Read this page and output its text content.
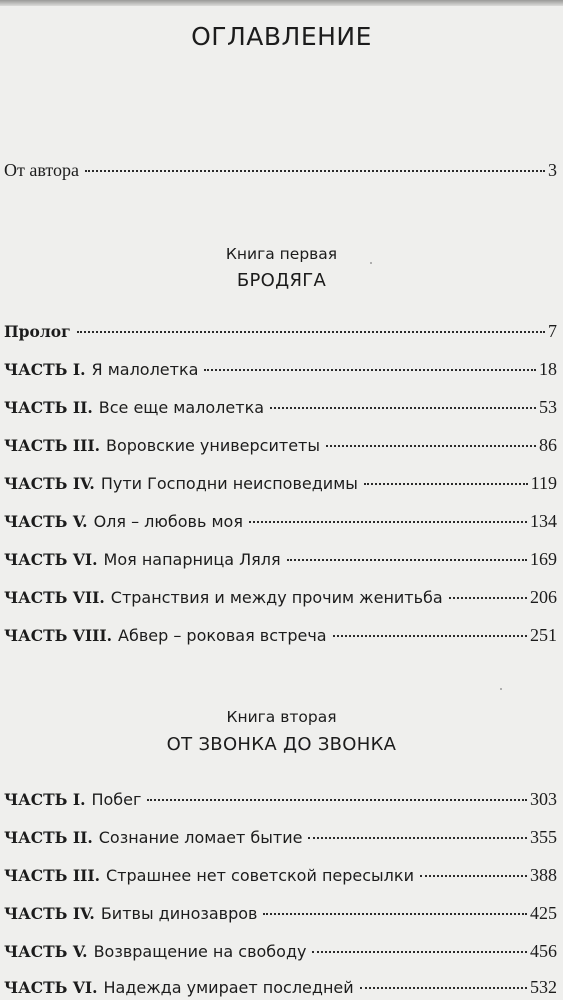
ОГЛАВЛЕНИЕ
От автора	3
Книга первая
БРОДЯГА
Пролог	7
ЧАСТЬ I. Я малолетка	18
ЧАСТЬ II. Все еще малолетка	53
ЧАСТЬ III. Воровские университеты	86
ЧАСТЬ IV. Пути Господни неисповедимы	119
ЧАСТЬ V. Оля – любовь моя	134
ЧАСТЬ VI. Моя напарница Ляля	169
ЧАСТЬ VII. Странствия и между прочим женитьба	206
ЧАСТЬ VIII. Абвер – роковая встреча	251
Книга вторая
ОТ ЗВОНКА ДО ЗВОНКА
ЧАСТЬ I. Побег	303
ЧАСТЬ II. Сознание ломает бытие	355
ЧАСТЬ III. Страшнее нет советской пересылки	388
ЧАСТЬ IV. Битвы динозавров	425
ЧАСТЬ V. Возвращение на свободу	456
ЧАСТЬ VI. Надежда умирает последней	532
